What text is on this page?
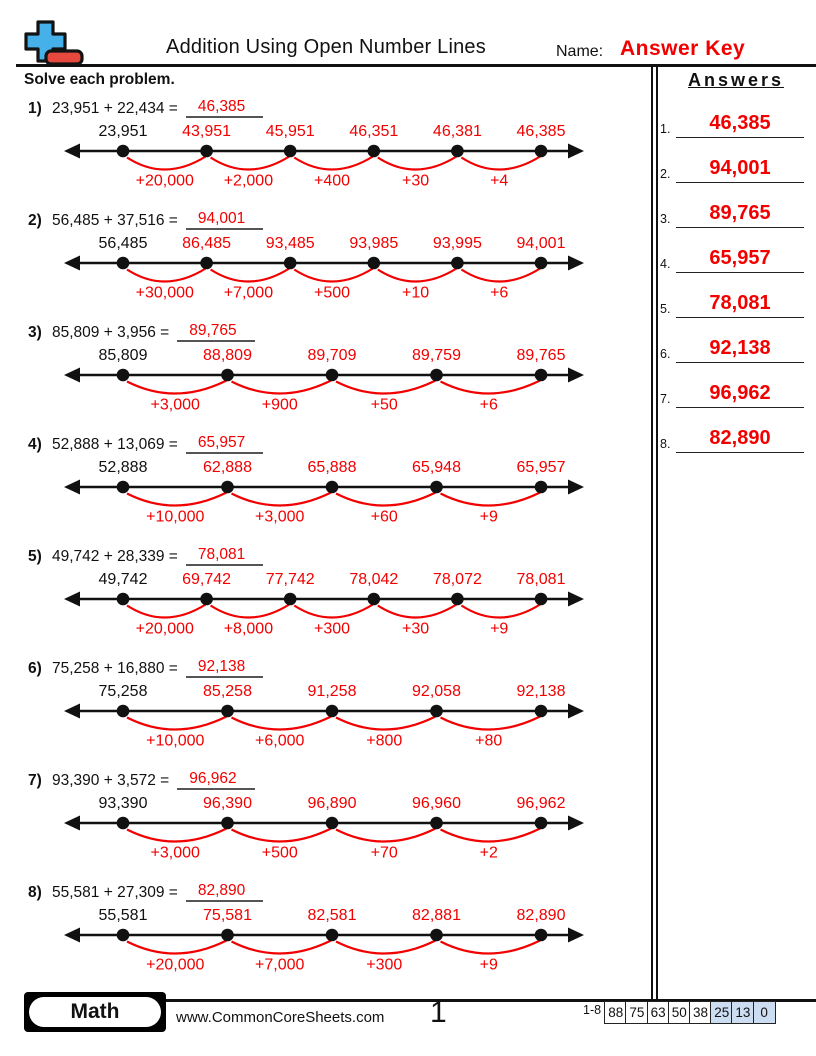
Addition Using Open Number Lines	Name: Answer Key
Solve each problem.	Answers
1.	46,385
2.	94,001
3.	89,765
4.	65,957
5.	78,081
6.	92,138
7.	96,962
8.	82,890
1) 23,951 + 22,434 =	46,385
+20,000 +2,000	+400	+30	+4
23,951 43,951 45,951 46,351 46,381 46,385
2) 56,485 + 37,516 =	94,001
+30,000 +7,000	+500	+10	+6
56,485 86,485 93,485 93,985 93,995 94,001
3) 85,809 + 3,956 =	89,765
+3,000	+900	+50	+6
85,809	88,809	89,709	89,759	89,765
4) 52,888 + 13,069 =	65,957
+10,000	+3,000	+60	+9
52,888	62,888	65,888	65,948	65,957
5) 49,742 + 28,339 =	78,081
+20,000 +8,000	+300	+30	+9
49,742 69,742 77,742 78,042 78,072 78,081
6) 75,258 + 16,880 =	92,138
+10,000	+6,000	+800	+80
75,258	85,258	91,258	92,058	92,138
7) 93,390 + 3,572 =	96,962
+3,000	+500	+70	+2
93,390	96,390	96,890	96,960	96,962
8) 55,581 + 27,309 =	82,890
+20,000	+7,000	+300	+9
55,581	75,581	82,581	82,881	82,890
Math	www.CommonCoreSheets.com 1	1-8 88 75 63 50 38 25 13 0
